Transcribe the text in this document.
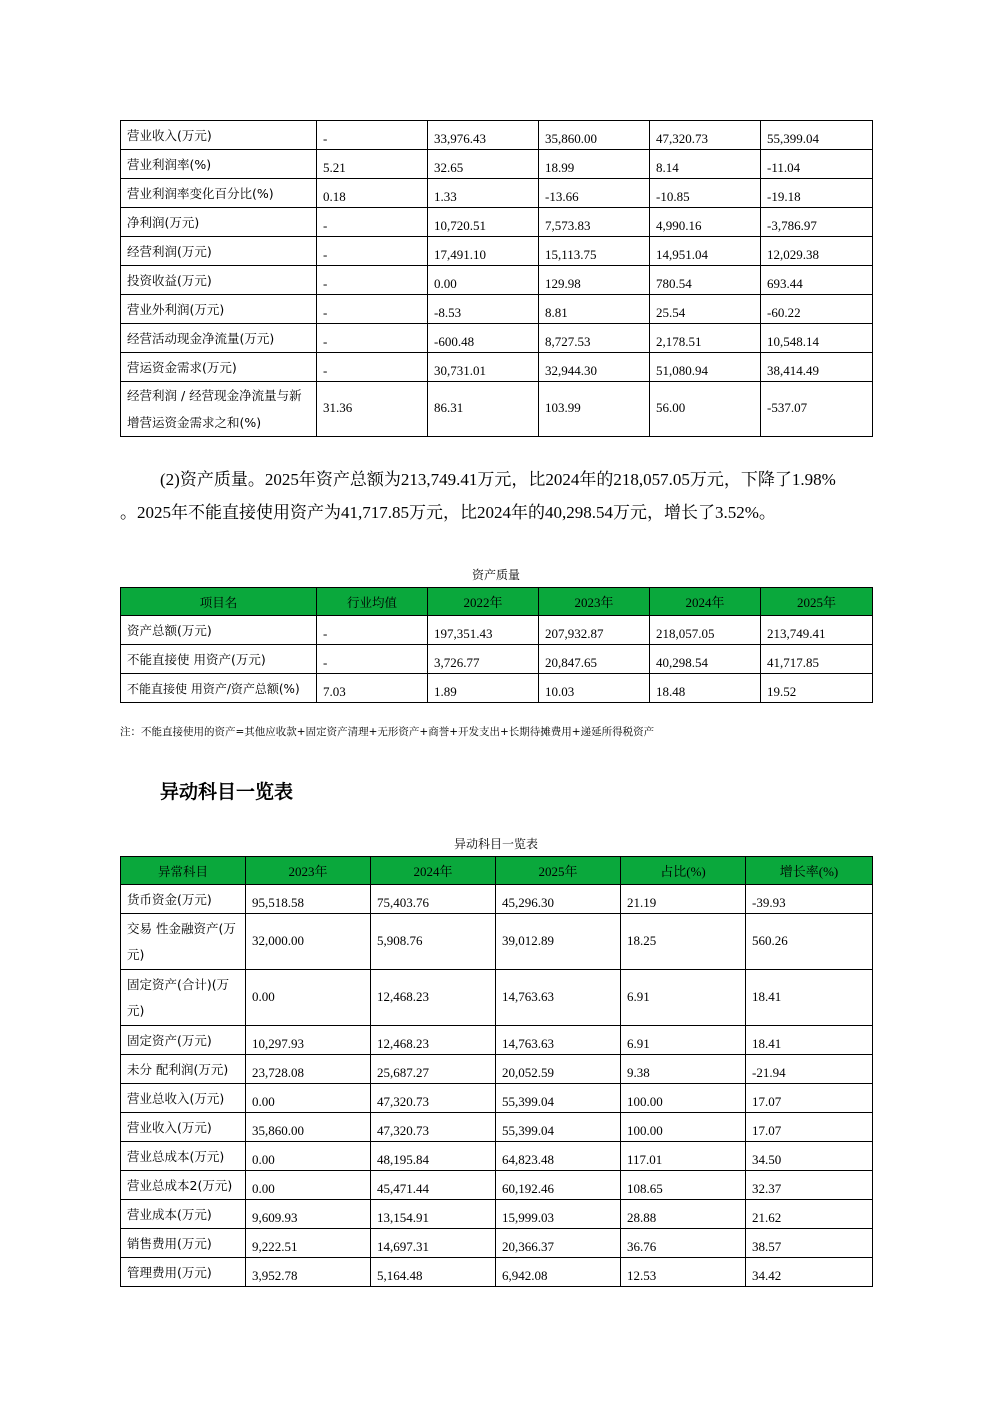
营业收入(万元)	-	33,976.43	35,860.00	47,320.73	55,399.04
营业利润率(%)	5.21	32.65	18.99	8.14	-11.04
营业利润率变化百分比(%)	0.18	1.33	-13.66	-10.85	-19.18
净利润(万元)	-	10,720.51	7,573.83	4,990.16	-3,786.97
经营利润(万元)	-	17,491.10	15,113.75	14,951.04	12,029.38
投资收益(万元)	-	0.00	129.98	780.54	693.44
营业外利润(万元)	-	-8.53	8.81	25.54	-60.22
经营活动现金净流量(万元)	-	-600.48	8,727.53	2,178.51	10,548.14
营运资金需求(万元)	-	30,731.01	32,944.30	51,080.94	38,414.49
经营利润 / 经营现金净流量与新增营运资金需求之和(%)	31.36	86.31	103.99	56.00	-537.07

(2)资产质量。2025年资产总额为213,749.41万元，比2024年的218,057.05万元，下降了1.98%

。2025年不能直接使用资产为41,717.85万元，比2024年的40,298.54万元，增长了3.52%。

资产质量
项目名	行业均值	2022年	2023年	2024年	2025年
资产总额(万元)	-	197,351.43	207,932.87	218,057.05	213,749.41
不能直接使 用资产(万元)	-	3,726.77	20,847.65	40,298.54	41,717.85
不能直接使 用资产/资产总额(%)	7.03	1.89	10.03	18.48	19.52
注：不能直接使用的资产=其他应收款+固定资产清理+无形资产+商誉+开发支出+长期待摊费用+递延所得税资产
异动科目一览表
异动科目一览表
异常科目	2023年	2024年	2025年	占比(%)	增长率(%)
货币资金(万元)	95,518.58	75,403.76	45,296.30	21.19	-39.93
交易 性金融资产(万元)	32,000.00	5,908.76	39,012.89	18.25	560.26
固定资产(合计)(万元)	0.00	12,468.23	14,763.63	6.91	18.41
固定资产(万元)	10,297.93	12,468.23	14,763.63	6.91	18.41
未分 配利润(万元)	23,728.08	25,687.27	20,052.59	9.38	-21.94
营业总收入(万元)	0.00	47,320.73	55,399.04	100.00	17.07
营业收入(万元)	35,860.00	47,320.73	55,399.04	100.00	17.07
营业总成本(万元)	0.00	48,195.84	64,823.48	117.01	34.50
营业总成本2(万元)	0.00	45,471.44	60,192.46	108.65	32.37
营业成本(万元)	9,609.93	13,154.91	15,999.03	28.88	21.62
销售费用(万元)	9,222.51	14,697.31	20,366.37	36.76	38.57
管理费用(万元)	3,952.78	5,164.48	6,942.08	12.53	34.42
